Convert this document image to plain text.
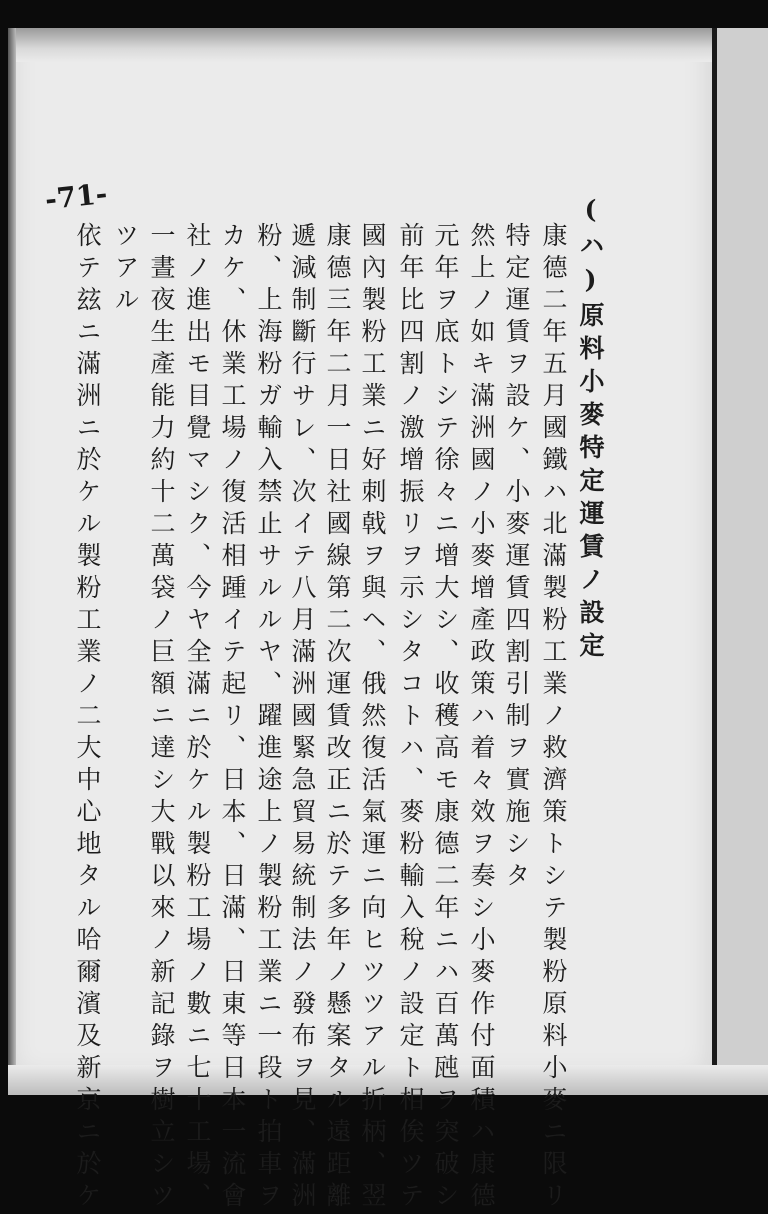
-71-	(ハ)原料小麥特定運賃ノ設定
康德二年五月國鐵ハ北滿製粉工業ノ救濟策トシテ製粉原料小麥ニ限リ
特定運賃ヲ設ケ、小麥運賃四割引制ヲ實施シタ
然上ノ如キ滿洲國ノ小麥增產政策ハ着々效ヲ奏シ小麥作付面積ハ康德
元年ヲ底トシテ徐々ニ增大シ、收穫高モ康德二年ニハ百萬瓲ヲ突破シ
前年比四割ノ激增振リヲ示シタコトハ、麥粉輸入稅ノ設定ト相俟ツテ
國內製粉工業ニ好刺戟ヲ與ヘ、俄然復活氣運ニ向ヒツツアル折柄、翌
康德三年二月一日社國線第二次運賃改正ニ於テ多年ノ懸案タル遠距離
遞減制斷行サレ、次イテ八月滿洲國緊急貿易統制法ノ發布ヲ見、滿洲
粉、上海粉ガ輸入禁止サルルヤ、躍進途上ノ製粉工業ニ一段ト拍車ヲ
カケ、休業工場ノ復活相踵イテ起リ、日本、日滿、日東等日本一流會
社ノ進出モ目覺マシク、今ヤ全滿ニ於ケル製粉工場ノ數ニ七十工場、
一晝夜生產能力約十二萬袋ノ巨額ニ達シ大戰以來ノ新記錄ヲ樹立シツ
ツアル
依テ玆ニ滿洲ニ於ケル製粉工業ノ二大中心地タル哈爾濱及新京ニ於ケ
